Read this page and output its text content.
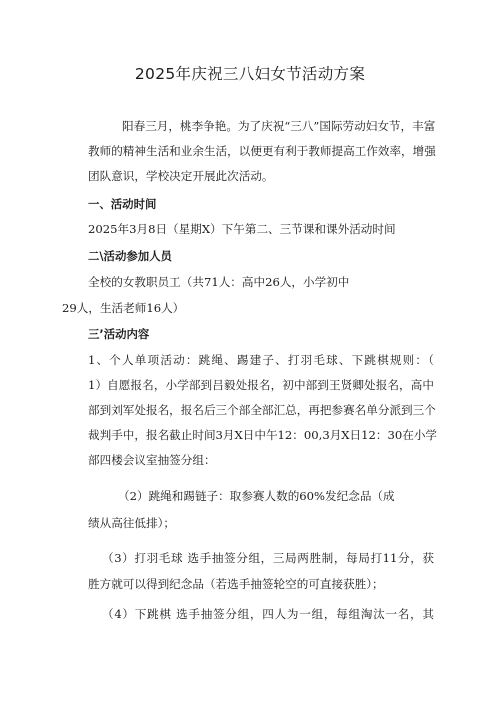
2025年庆祝三八妇女节活动方案
阳春三月，桃李争艳。为了庆祝“三八”国际劳动妇女节，丰富
教师的精神生活和业余生活，以便更有利于教师提高工作效率，增强
团队意识，学校决定开展此次活动。
一、活动时间
2025年3月8日（星期X）下午第二、三节课和课外活动时间
二\活动参加人员
全校的女教职员工（共71人：高中26人，小学初中
29人，生活老师16人）
三’活动内容
1、个人单项活动：跳绳、踢建子、打羽毛球、下跳棋规则：（
1）自愿报名，小学部到吕毅处报名，初中部到王贤卿处报名，高中
部到刘军处报名，报名后三个部全部汇总，再把参赛名单分派到三个
裁判手中，报名截止时间3月X日中午12：00,3月X日12：30在小学
部四楼会议室抽签分组：
（2）跳绳和踢链子：取参赛人数的60%发纪念品（成
绩从高往低排）；
（3）打羽毛球 选手抽签分组，三局两胜制，每局打11分，获
胜方就可以得到纪念品（若选手抽签轮空的可直接获胜）；
（4）下跳棋 选手抽签分组，四人为一组，每组淘汰一名，其
